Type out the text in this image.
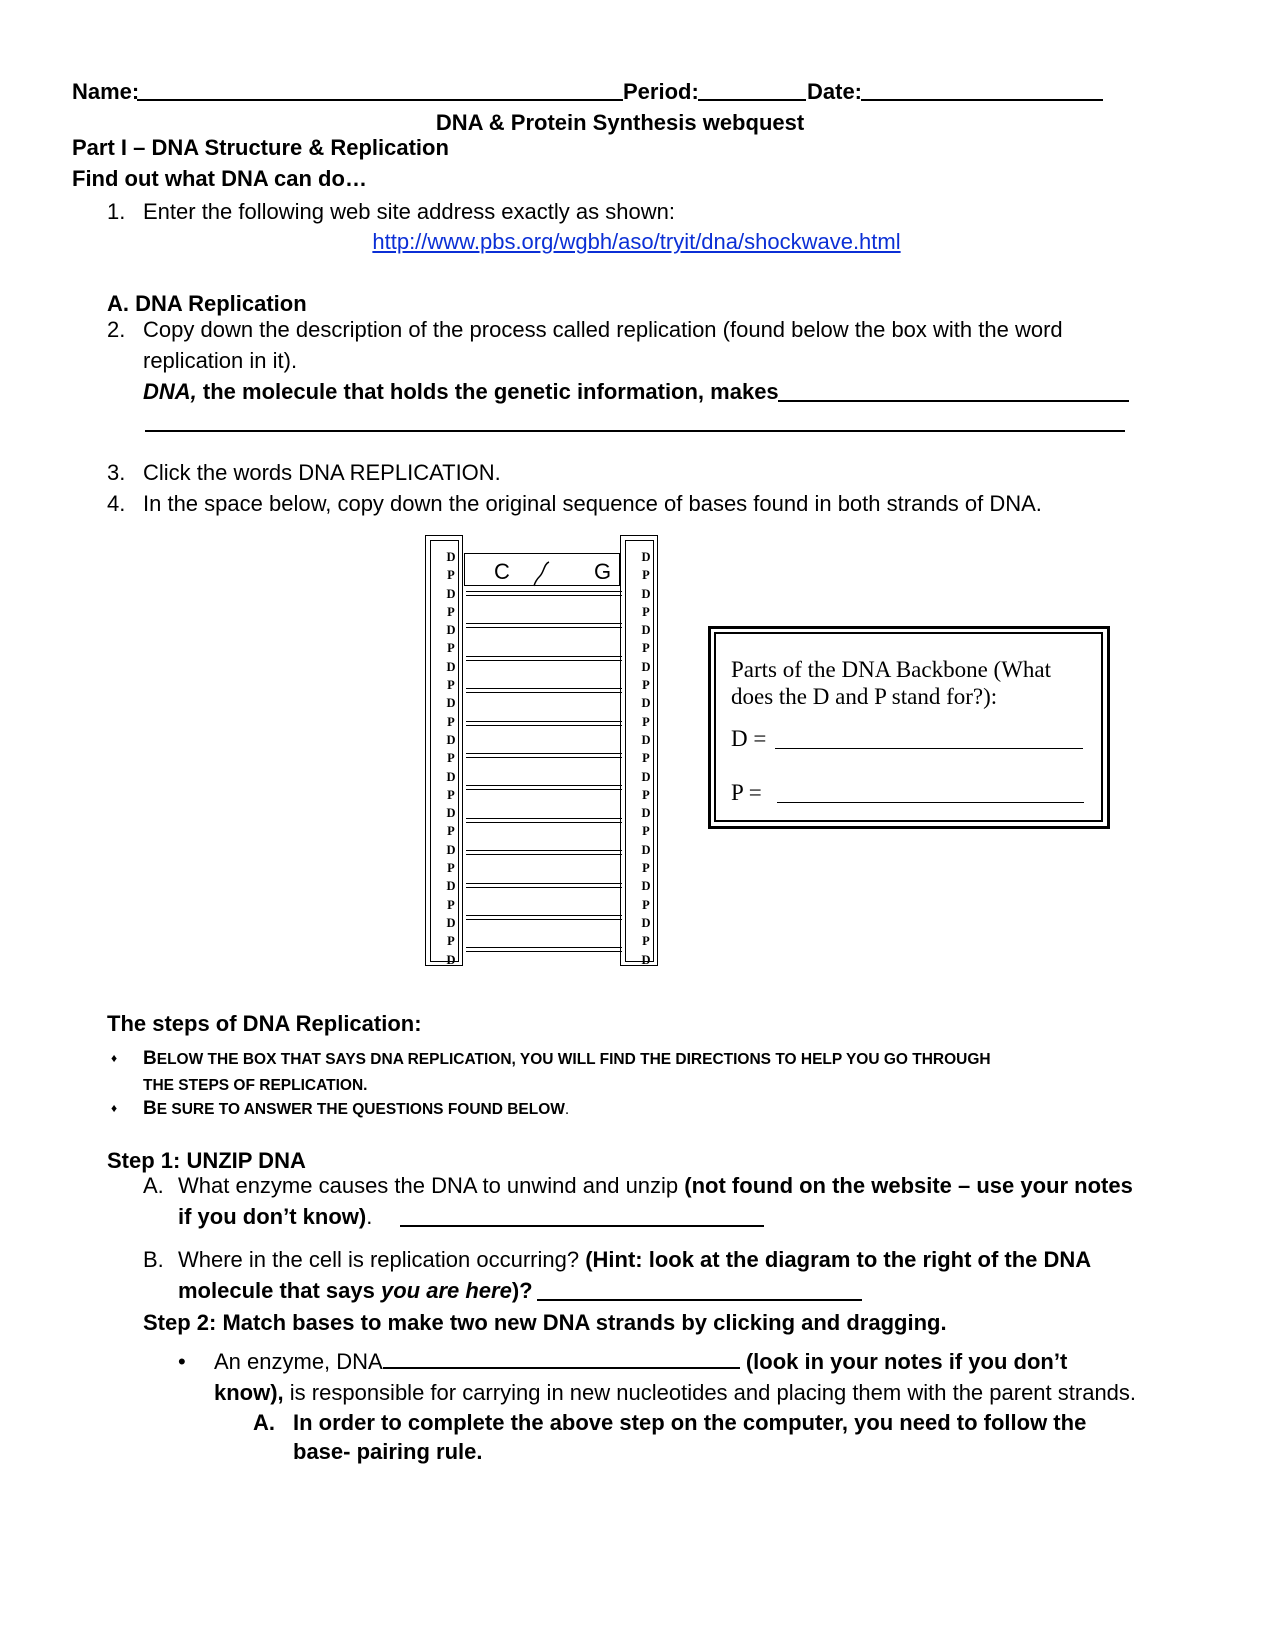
Name:	Period:	Date:
DNA & Protein Synthesis webquest
Part I – DNA Structure & Replication
Find out what DNA can do…
1. Enter the following web site address exactly as shown:
http://www.pbs.org/wgbh/aso/tryit/dna/shockwave.html
A. DNA Replication
2. Copy down the description of the process called replication (found below the box with the word
replication in it).
DNA, the molecule that holds the genetic information, makes
3. Click the words DNA REPLICATION.
4. In the space below, copy down the original sequence of bases found in both strands of DNA.
D
P
D
P
D
P
D
P
D
P
D
P
D
P
D
P
D
P
D
P
D
P
D
D
P
D
P
D
P
D
P
D
P
D
P
D
P
D
P
D
P
D
P
D
P
D
C	G
Parts of the DNA Backbone (What
does the D and P stand for?):
D =
P =
The steps of DNA Replication:
♦ BELOW THE BOX THAT SAYS DNA REPLICATION, YOU WILL FIND THE DIRECTIONS TO HELP YOU GO THROUGH
THE STEPS OF REPLICATION.
♦ BE SURE TO ANSWER THE QUESTIONS FOUND BELOW.
Step 1: UNZIP DNA
A. What enzyme causes the DNA to unwind and unzip (not found on the website – use your notes
if you don’t know).
B. Where in the cell is replication occurring? (Hint: look at the diagram to the right of the DNA
molecule that says you are here)?
Step 2: Match bases to make two new DNA strands by clicking and dragging.
• An enzyme, DNA	(look in your notes if you don’t
know), is responsible for carrying in new nucleotides and placing them with the parent strands.
A. In order to complete the above step on the computer, you need to follow the
base- pairing rule.
